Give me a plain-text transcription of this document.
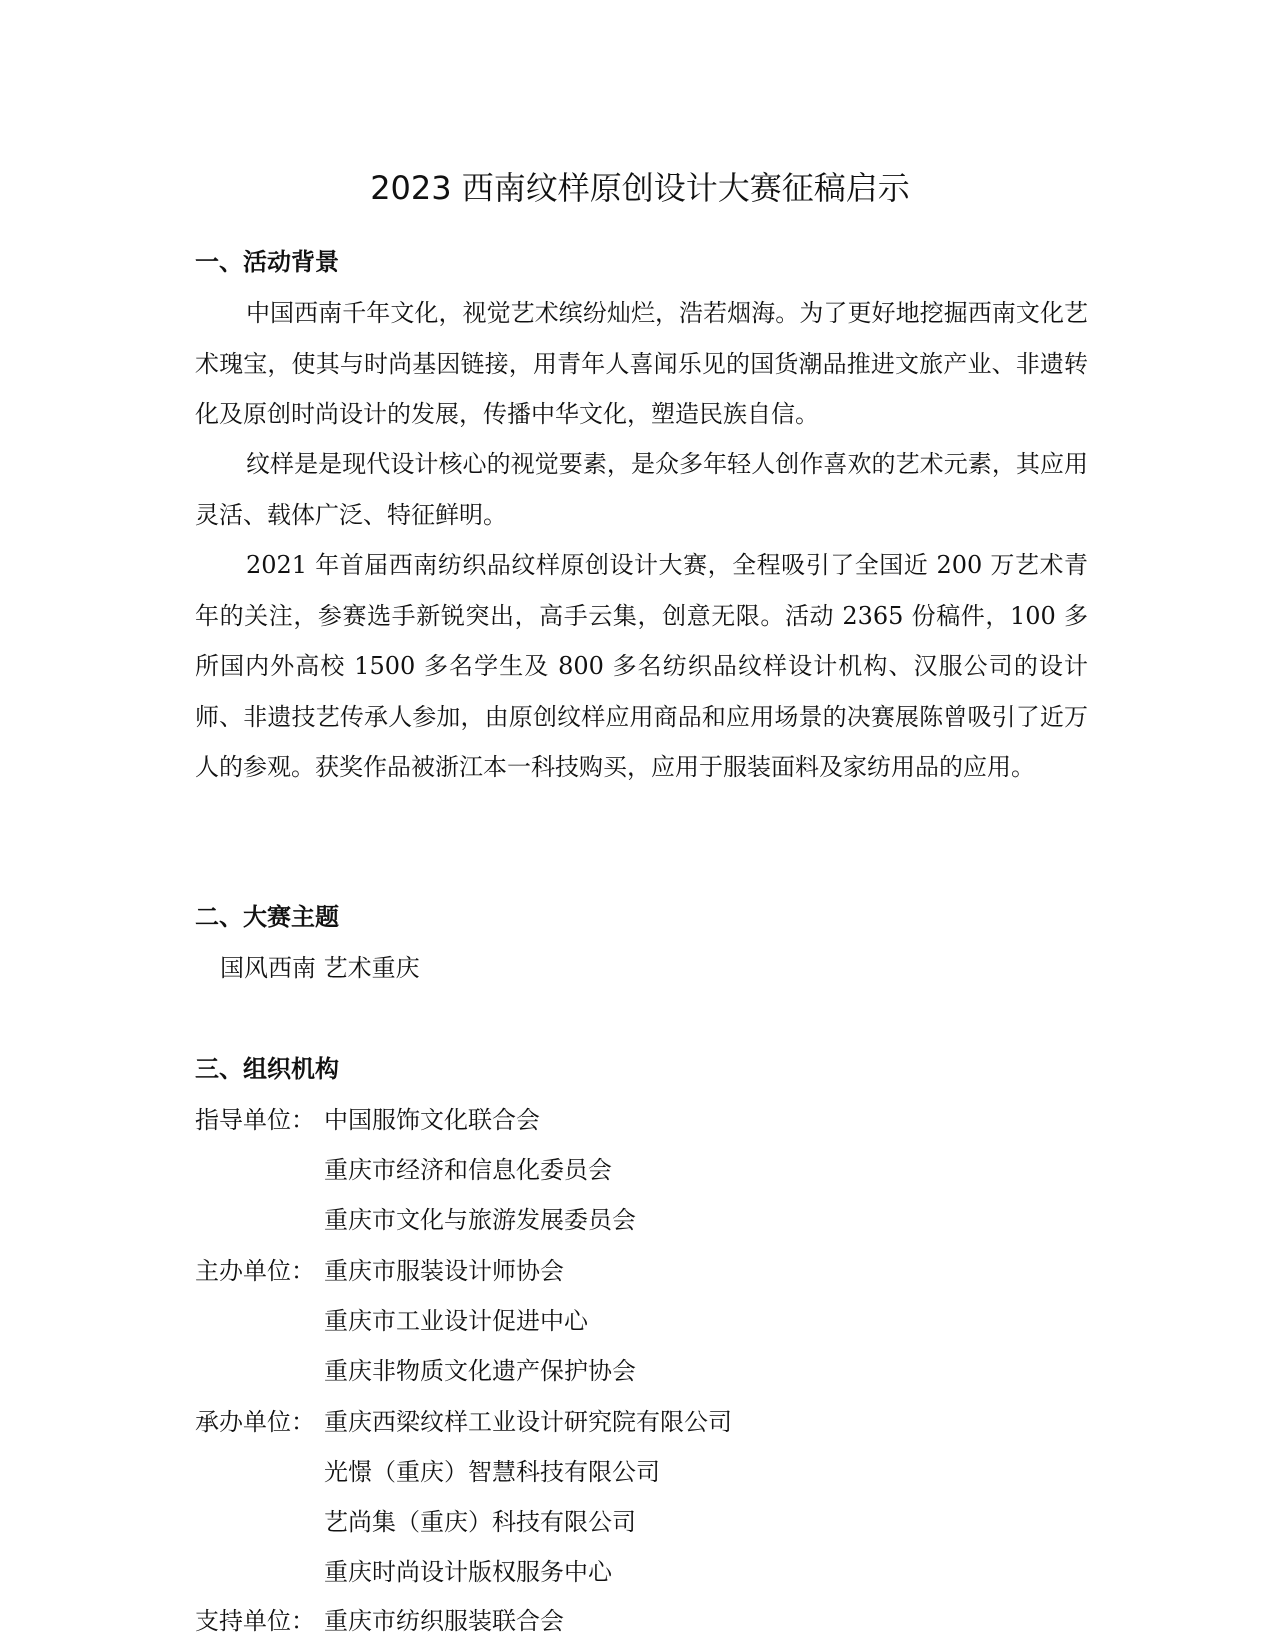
2023 西南纹样原创设计大赛征稿启示
一、活动背景
中国西南千年文化，视觉艺术缤纷灿烂，浩若烟海。为了更好地挖掘西南文化艺术瑰宝，使其与时尚基因链接，用青年人喜闻乐见的国货潮品推进文旅产业、非遗转化及原创时尚设计的发展，传播中华文化，塑造民族自信。
纹样是是现代设计核心的视觉要素，是众多年轻人创作喜欢的艺术元素，其应用灵活、载体广泛、特征鲜明。
2021 年首届西南纺织品纹样原创设计大赛，全程吸引了全国近 200 万艺术青年的关注，参赛选手新锐突出，高手云集，创意无限。活动 2365 份稿件，100 多所国内外高校 1500 多名学生及 800 多名纺织品纹样设计机构、汉服公司的设计师、非遗技艺传承人参加，由原创纹样应用商品和应用场景的决赛展陈曾吸引了近万人的参观。获奖作品被浙江本一科技购买，应用于服装面料及家纺用品的应用。
二、大赛主题
国风西南 艺术重庆
三、组织机构
指导单位： 中国服饰文化联合会
重庆市经济和信息化委员会
重庆市文化与旅游发展委员会
主办单位： 重庆市服装设计师协会
重庆市工业设计促进中心
重庆非物质文化遗产保护协会
承办单位： 重庆西梁纹样工业设计研究院有限公司
光憬（重庆）智慧科技有限公司
艺尚集（重庆）科技有限公司
重庆时尚设计版权服务中心
支持单位： 重庆市纺织服装联合会
